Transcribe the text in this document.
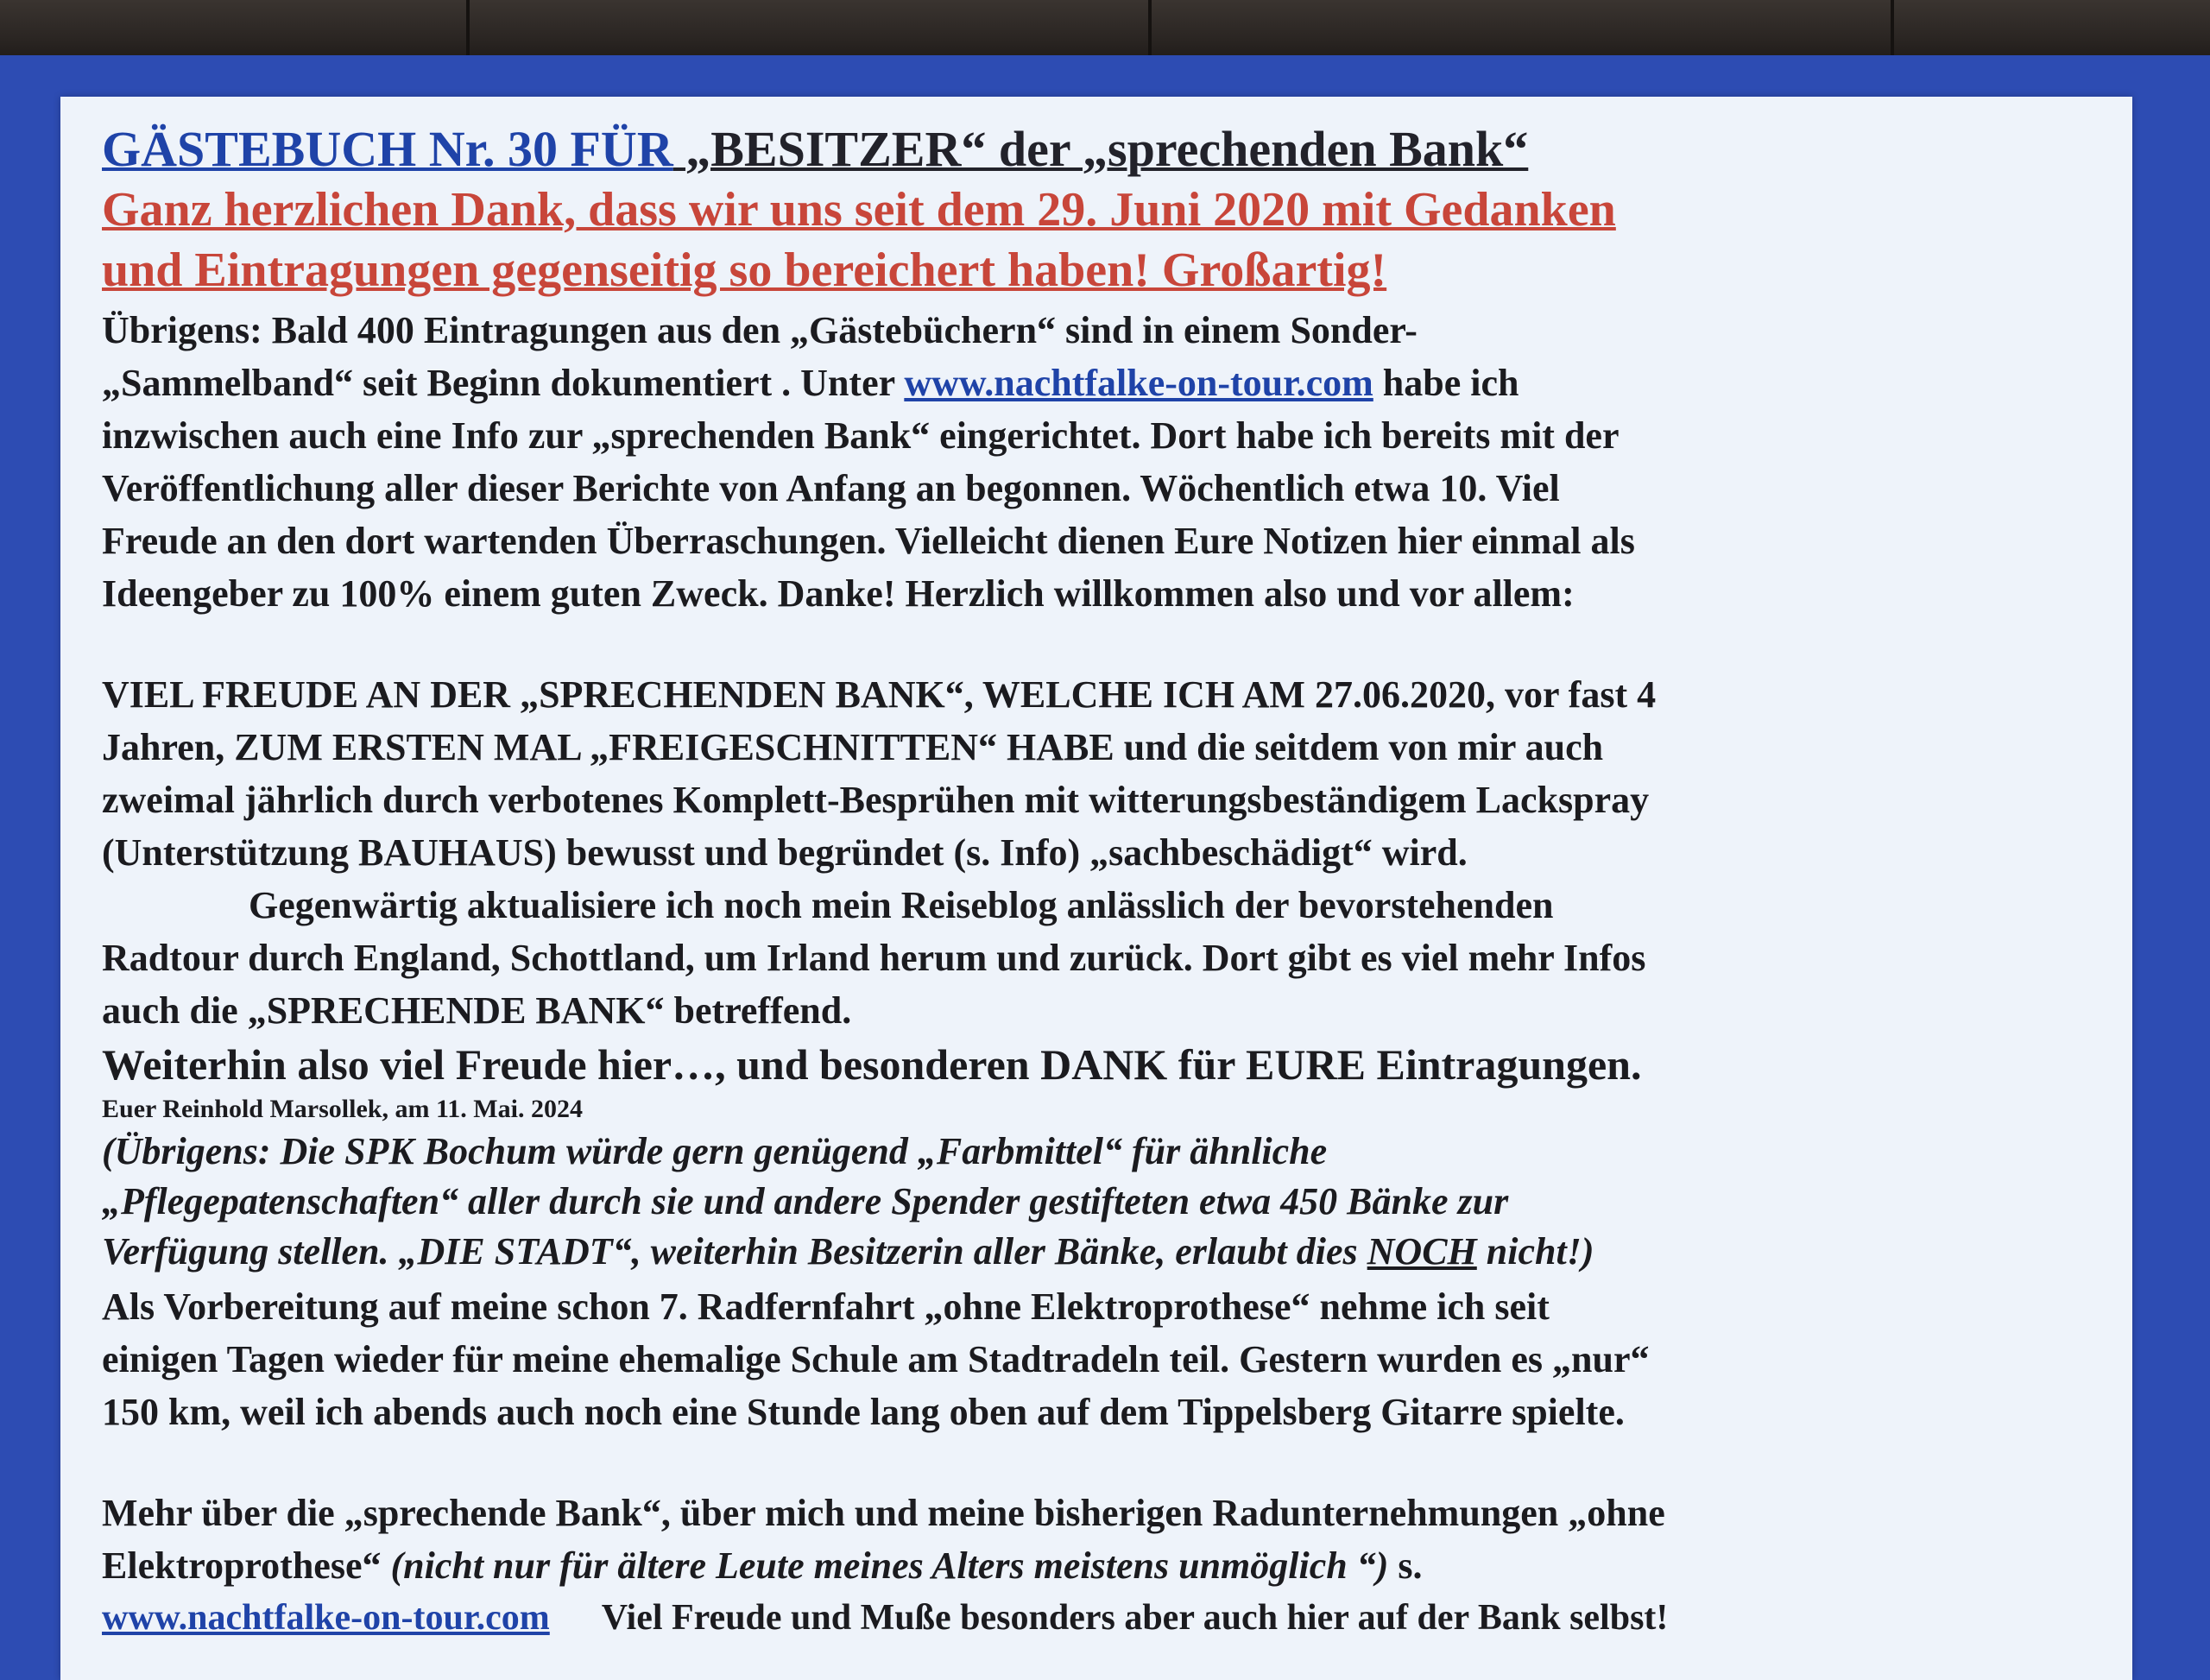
GÄSTEBUCH Nr. 30 FÜR „BESITZER“ der „sprechenden Bank“

Ganz herzlichen Dank, dass wir uns seit dem 29. Juni 2020 mit Gedanken

und Eintragungen gegenseitig so bereichert haben! Großartig!

Übrigens: Bald 400 Eintragungen aus den „Gästebüchern“ sind in einem Sonder-
„Sammelband“ seit Beginn dokumentiert . Unter www.nachtfalke-on-tour.com habe ich
inzwischen auch eine Info zur „sprechenden Bank“ eingerichtet. Dort habe ich bereits mit der
Veröffentlichung aller dieser Berichte von Anfang an begonnen. Wöchentlich etwa 10. Viel
Freude an den dort wartenden Überraschungen. Vielleicht dienen Eure Notizen hier einmal als
Ideengeber zu 100% einem guten Zweck. Danke! Herzlich willkommen also und vor allem:

VIEL FREUDE AN DER „SPRECHENDEN BANK“, WELCHE ICH AM 27.06.2020, vor fast 4
Jahren, ZUM ERSTEN MAL „FREIGESCHNITTEN“ HABE und die seitdem von mir auch
zweimal jährlich durch verbotenes Komplett-Besprühen mit witterungsbeständigem Lackspray
(Unterstützung BAUHAUS) bewusst und begründet (s. Info) „sachbeschädigt“ wird.
Gegenwärtig aktualisiere ich noch mein Reiseblog anlässlich der bevorstehenden
Radtour durch England, Schottland, um Irland herum und zurück. Dort gibt es viel mehr Infos
auch die „SPRECHENDE BANK“ betreffend.

Weiterhin also viel Freude hier…, und besonderen DANK für EURE Eintragungen.

Euer Reinhold Marsollek, am 11. Mai. 2024

(Übrigens: Die SPK Bochum würde gern genügend „Farbmittel“ für ähnliche
„Pflegepatenschaften“ aller durch sie und andere Spender gestifteten etwa 450 Bänke zur
Verfügung stellen. „DIE STADT“, weiterhin Besitzerin aller Bänke, erlaubt dies NOCH nicht!)

Als Vorbereitung auf meine schon 7. Radfernfahrt „ohne Elektroprothese“ nehme ich seit
einigen Tagen wieder für meine ehemalige Schule am Stadtradeln teil. Gestern wurden es „nur“
150 km, weil ich abends auch noch eine Stunde lang oben auf dem Tippelsberg Gitarre spielte.

Mehr über die „sprechende Bank“, über mich und meine bisherigen Radunternehmungen „ohne
Elektroprothese“ (nicht nur für ältere Leute meines Alters meistens unmöglich “) s.

www.nachtfalke-on-tour.com Viel Freude und Muße besonders aber auch hier auf der Bank selbst!
